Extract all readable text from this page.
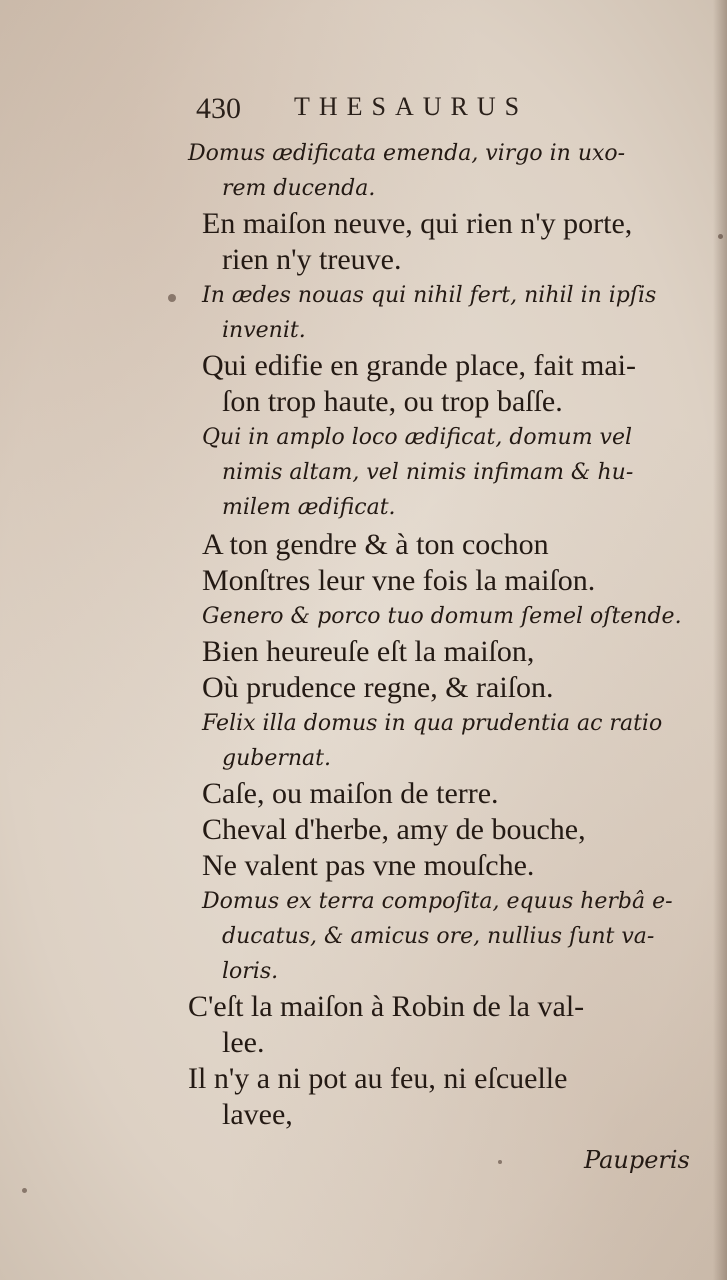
430 THESAURUS

Domus ædificata emenda, virgo in uxo-

rem ducenda.

En maiſon neuve, qui rien n'y porte,

rien n'y treuve.

In ædes nouas qui nihil fert, nihil in ipſis

invenit.

Qui edifie en grande place, fait mai-

ſon trop haute, ou trop baſſe.

Qui in amplo loco ædificat, domum vel

nimis altam, vel nimis infimam & hu-

milem ædificat.

A ton gendre & à ton cochon

Monſtres leur vne fois la maiſon.

Genero & porco tuo domum ſemel oſtende.

Bien heureuſe eſt la maiſon,

Où prudence regne, & raiſon.

Felix illa domus in qua prudentia ac ratio

gubernat.

Caſe, ou maiſon de terre.

Cheval d'herbe, amy de bouche,

Ne valent pas vne mouſche.

Domus ex terra compoſita, equus herbâ e-

ducatus, & amicus ore, nullius ſunt va-

loris.

C'eſt la maiſon à Robin de la val-

lee.

Il n'y a ni pot au feu, ni eſcuelle

lavee,

Pauperis
